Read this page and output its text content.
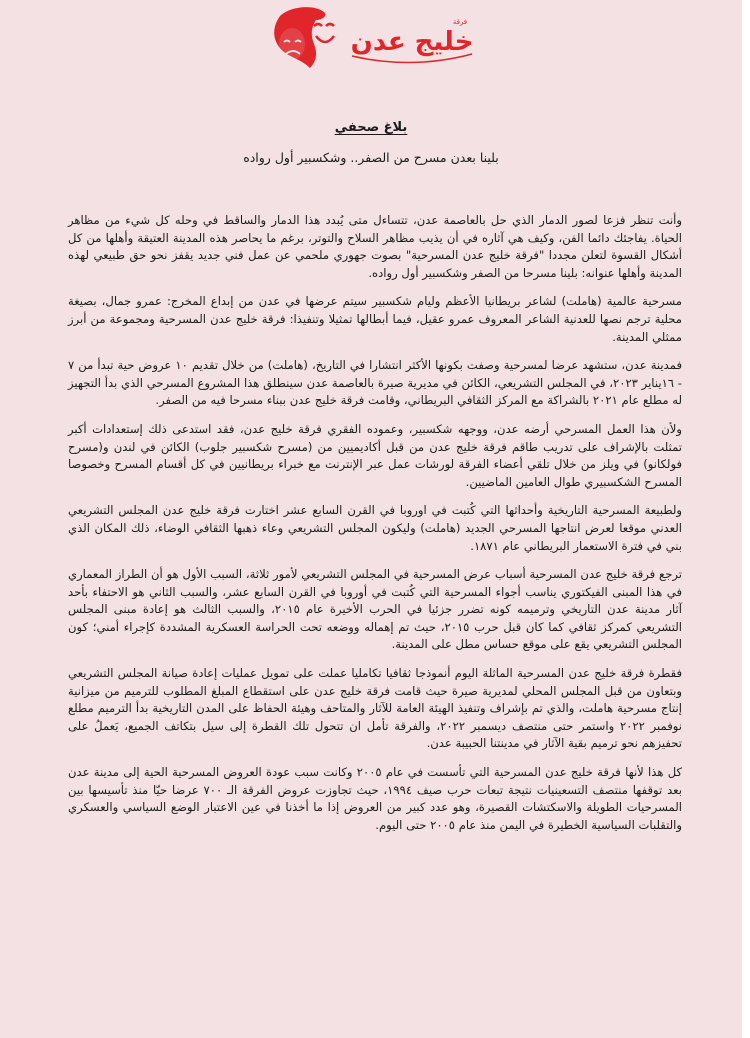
فرقة
خليج عدن
بلاغ صحفي
بلينا بعدن مسرح من الصفر.. وشكسبير أول رواده

وأنت تنظر فزعا لصور الدمار الذي حل بالعاصمة عدن، تتساءل متى يُبدد هذا الدمار والساقط في وحله كل شيء من مظاهر الحياة. يفاجئك دائما الفن، وكيف هي آثاره في أن يذيب مظاهر السلاح والتوتر، برغم ما يحاصر هذه المدينة العتيقة وأهلها من كل أشكال القسوة لتعلن مجددا "فرقة خليج عدن المسرحية" بصوت جهوري ملحمي عن عمل فني جديد يقفز نحو حق طبيعي لهذه المدينة وأهلها عنوانه: بلينا مسرحا من الصفر وشكسبير أول رواده.

مسرحية عالمية (هاملت) لشاعر بريطانيا الأعظم وليام شكسبير سيتم عرضها في عدن من إبداع المخرج: عمرو جمال، بصيغة محلية ترجم نصها للعدنية الشاعر المعروف عمرو عقيل، فيما أبطالها تمثيلا وتنفيذا: فرقة خليج عدن المسرحية ومجموعة من أبرز ممثلي المدينة.

فمدينة عدن، ستشهد عرضا لمسرحية وصفت بكونها الأكثر انتشارا في التاريخ، (هاملت) من خلال تقديم ١٠ عروض حية تبدأ من ٧ - ١٦يناير ٢٠٢٣، في المجلس التشريعي، الكائن في مديرية صيرة بالعاصمة عدن سينطلق هذا المشروع المسرحي الذي بدأ التجهيز له مطلع عام ٢٠٢١ بالشراكة مع المركز الثقافي البريطاني، وقامت فرقة خليج عدن ببناء مسرحا فيه من الصفر.

ولأن هذا العمل المسرحي أرضه عدن، ووجهه شكسبير، وعموده الفقري فرقة خليج عدن، فقد استدعى ذلك إستعدادات أكبر تمثلت بالإشراف على تدريب طاقم فرقة خليج عدن من قبل أكاديميين من (مسرح شكسبير جلوب) الكائن في لندن و(مسرح فولكانو) في ويلز من خلال تلقي أعضاء الفرقة لورشات عمل عبر الإنترنت مع خبراء بريطانيين في كل أقسام المسرح وخصوصا المسرح الشكسبيري طوال العامين الماضيين.

ولطبيعة المسرحية التاريخية وأحداثها التي كُتبت في اوروبا في القرن السابع عشر اختارت فرقة خليج عدن المجلس التشريعي العدني موقعا لعرض انتاجها المسرحي الجديد (هاملت) وليكون المجلس التشريعي وعاء ذهبها الثقافي الوضاء، ذلك المكان الذي بني في فترة الاستعمار البريطاني عام ١٨٧١.

ترجع فرقة خليج عدن المسرحية أسباب عرض المسرحية في المجلس التشريعي لأمور ثلاثة، السبب الأول هو أن الطراز المعماري في هذا المبنى الفيكتوري يناسب أجواء المسرحية التي كُتبت في أوروبا في القرن السابع عشر، والسبب الثاني هو الاحتفاء بأحد آثار مدينة عدن التاريخي وترميمه كونه تضرر جزئيا في الحرب الأخيرة عام ٢٠١٥، والسبب الثالث هو إعادة مبنى المجلس التشريعي كمركز ثقافي كما كان قبل حرب ٢٠١٥، حيث تم إهماله ووضعه تحت الحراسة العسكرية المشددة كإجراء أمني؛ كون المجلس التشريعي يقع على موقع حساس مطل على المدينة.

فقطرة فرقة خليج عدن المسرحية الماثلة اليوم أنموذجا ثقافيا تكامليا عملت على تمويل عمليات إعادة صيانة المجلس التشريعي وبتعاون من قبل المجلس المحلي لمديرية صيرة حيث قامت فرقة خليج عدن على استقطاع المبلغ المطلوب للترميم من ميزانية إنتاج مسرحية هاملت، والذي تم بإشراف وتنفيذ الهيئة العامة للآثار والمتاحف وهيئة الحفاظ على المدن التاريخية بدأ الترميم مطلع نوفمبر ٢٠٢٢ واستمر حتى منتصف ديسمبر ٢٠٢٢، والفرقة تأمل ان تتحول تلك القطرة إلى سيل بتكاتف الجميع، يَعملُ على تحفيزهم نحو ترميم بقية الآثار في مدينتنا الحبيبة عدن.

كل هذا لأنها فرقة خليج عدن المسرحية التي تأسست في عام ٢٠٠٥ وكانت سبب عودة العروض المسرحية الحية إلى مدينة عدن بعد توقفها منتصف التسعينيات نتيجة تبعات حرب صيف ١٩٩٤، حيث تجاوزت عروض الفرقة الـ ٧٠٠ عرضا حيّا منذ تأسيسها بين المسرحيات الطويلة والاسكتشات القصيرة، وهو عدد كبير من العروض إذا ما أخذنا في عين الاعتبار الوضع السياسي والعسكري والتقلبات السياسية الخطيرة في اليمن منذ عام ٢٠٠٥ حتى اليوم.
